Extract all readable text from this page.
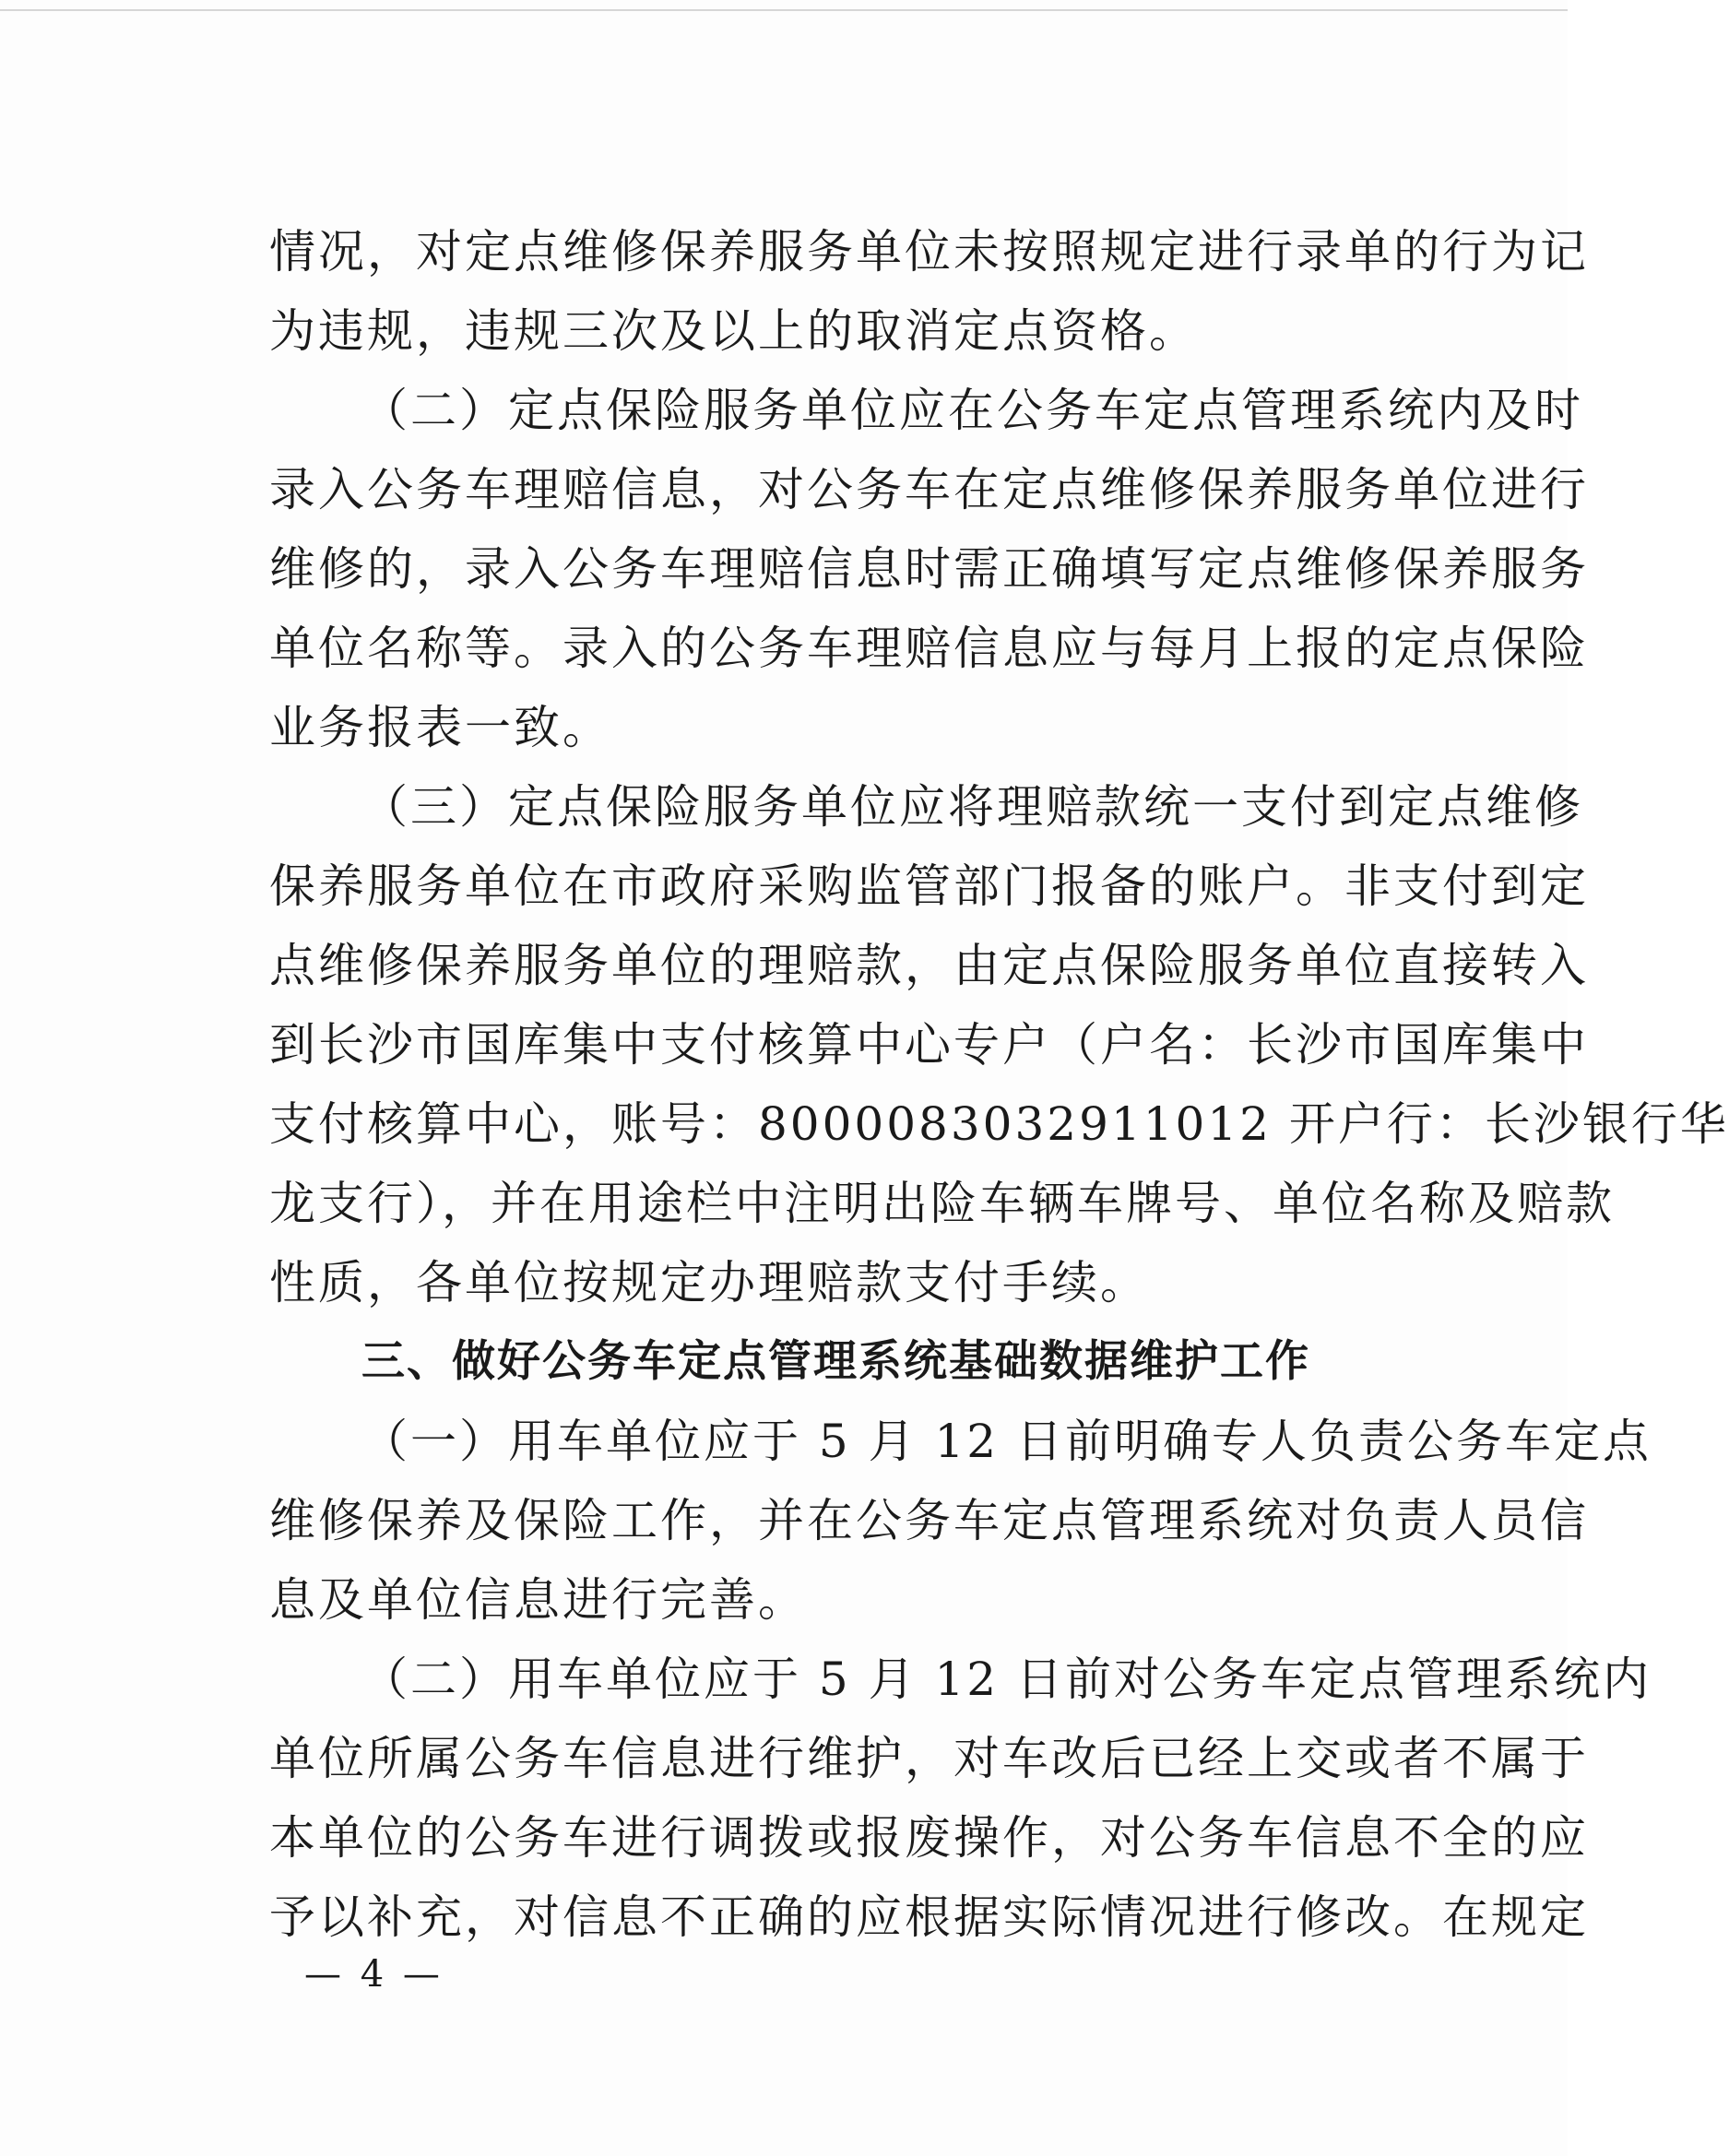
情况，对定点维修保养服务单位未按照规定进行录单的行为记
为违规，违规三次及以上的取消定点资格。
（二）定点保险服务单位应在公务车定点管理系统内及时
录入公务车理赔信息，对公务车在定点维修保养服务单位进行
维修的，录入公务车理赔信息时需正确填写定点维修保养服务
单位名称等。录入的公务车理赔信息应与每月上报的定点保险
业务报表一致。
（三）定点保险服务单位应将理赔款统一支付到定点维修
保养服务单位在市政府采购监管部门报备的账户。非支付到定
点维修保养服务单位的理赔款，由定点保险服务单位直接转入
到长沙市国库集中支付核算中心专户（户名：长沙市国库集中
支付核算中心，账号：8000083032911012 开户行：长沙银行华
龙支行），并在用途栏中注明出险车辆车牌号、单位名称及赔款
性质，各单位按规定办理赔款支付手续。
三、做好公务车定点管理系统基础数据维护工作
（一）用车单位应于 5 月 12 日前明确专人负责公务车定点
维修保养及保险工作，并在公务车定点管理系统对负责人员信
息及单位信息进行完善。
（二）用车单位应于 5 月 12 日前对公务车定点管理系统内
单位所属公务车信息进行维护，对车改后已经上交或者不属于
本单位的公务车进行调拨或报废操作，对公务车信息不全的应
予以补充，对信息不正确的应根据实际情况进行修改。在规定
— 4 —
